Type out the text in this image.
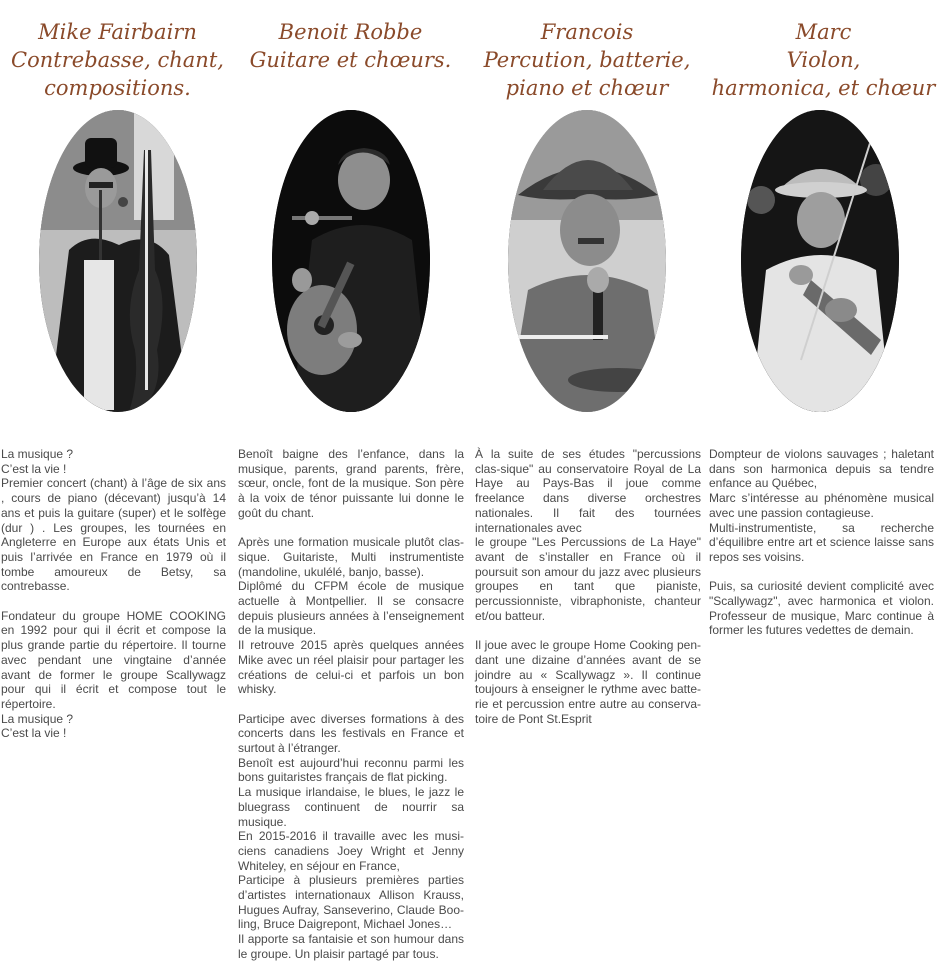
Mike Fairbairn
Contrebasse, chant,
compositions.

La musique ?

C’est la vie !

Premier concert (chant) à l’âge de six ans , cours de piano (décevant) jusqu’à 14 ans et puis la guitare (super) et le solfège (dur ) . Les groupes, les tournées en Angleterre en Europe aux états Unis et puis l’arrivée en France en 1979 où il tombe amoureux de Betsy, sa contrebasse.

Fondateur du groupe HOME COOKING en 1992 pour qui il écrit et compose la plus grande partie du répertoire. Il tourne avec pendant une vingtaine d’année avant de former le groupe Scallywagz pour qui il écrit et compose tout le répertoire.

La musique ?

C’est la vie !

Benoit Robbe
Guitare et chœurs.

Benoît baigne des l’enfance, dans la musique, parents, grand parents, frère, sœur, oncle, font de la musique. Son père à la voix de ténor puissante lui donne le goût du chant.

Après une formation musicale plutôt clas-sique. Guitariste, Multi instrumentiste (mandoline, ukulélé, banjo, basse).

Diplômé du CFPM école de musique actuelle à Montpellier. Il se consacre depuis plusieurs années à l’enseignement de la musique.

Il retrouve 2015 après quelques années Mike avec un réel plaisir pour partager les créations de celui-ci et parfois un bon whisky.

Participe avec diverses formations à des concerts dans les festivals en France et surtout à l’étranger.

Benoît est aujourd’hui reconnu parmi les bons guitaristes français de flat picking.

La musique irlandaise, le blues, le jazz le bluegrass continuent de nourrir sa musique.

En 2015-2016 il travaille avec les musi-ciens canadiens Joey Wright et Jenny Whiteley, en séjour en France,

Participe à plusieurs premières parties d’artistes internationaux Allison Krauss, Hugues Aufray, Sanseverino, Claude Boo-ling, Bruce Daigrepont, Michael Jones…

Il apporte sa fantaisie et son humour dans le groupe. Un plaisir partagé par tous.

Francois
Percution, batterie,
piano et chœur

À la suite de ses études "percussions clas-sique" au conservatoire Royal de La Haye au Pays-Bas il joue comme freelance dans diverse orchestres nationales. Il fait des tournées internationales avec

le groupe "Les Percussions de La Haye" avant de s’installer en France où il poursuit son amour du jazz avec plusieurs groupes en tant que pianiste, percussionniste, vibraphoniste, chanteur et/ou batteur.

Il joue avec le groupe Home Cooking pen-dant une dizaine d’années avant de se joindre au « Scallywagz ». Il continue toujours à enseigner le rythme avec batte-rie et percussion entre autre au conserva-toire de Pont St.Esprit

Marc
Violon,
harmonica, et chœur

Dompteur de violons sauvages ; haletant dans son harmonica depuis sa tendre enfance au Québec,

Marc s’intéresse au phénomène musical avec une passion contagieuse.

Multi-instrumentiste, sa recherche d’équilibre entre art et science laisse sans repos ses voisins.

Puis, sa curiosité devient complicité avec "Scallywagz", avec harmonica et violon. Professeur de musique, Marc continue à former les futures vedettes de demain.
